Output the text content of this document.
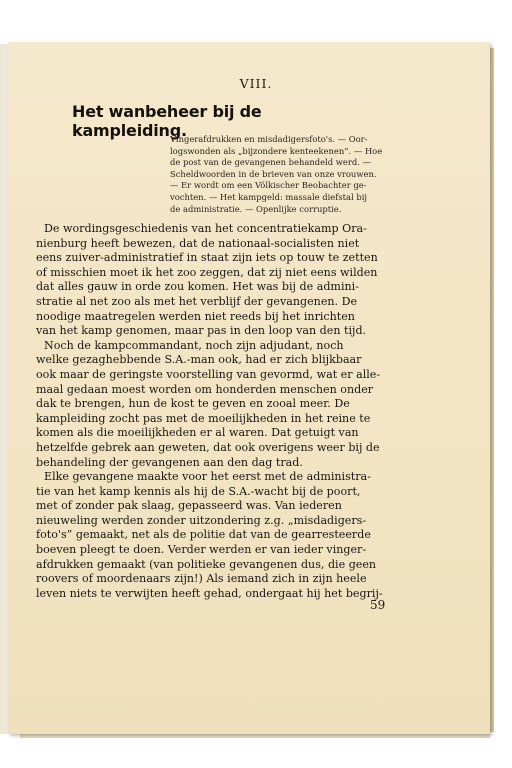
VIII.
Het wanbeheer bij de kampleiding.
Vingerafdrukken en misdadigersfoto's. — Oor-
logswonden als „bijzondere kenteekenen”. — Hoe
de post van de gevangenen behandeld werd. —
Scheldwoorden in de brieven van onze vrouwen.
— Er wordt om een Völkischer Beobachter ge-
vochten. — Het kampgeld: massale diefstal bij
de administratie. — Openlijke corruptie.
De wordingsgeschiedenis van het concentratiekamp Ora-
nienburg heeft bewezen, dat de nationaal-socialisten niet
eens zuiver-administratief in staat zijn iets op touw te zetten
of misschien moet ik het zoo zeggen, dat zij niet eens wilden
dat alles gauw in orde zou komen. Het was bij de admini-
stratie al net zoo als met het verblijf der gevangenen. De
noodige maatregelen werden niet reeds bij het inrichten
van het kamp genomen, maar pas in den loop van den tijd.
Noch de kampcommandant, noch zijn adjudant, noch
welke gezaghebbende S.A.-man ook, had er zich blijkbaar
ook maar de geringste voorstelling van gevormd, wat er alle-
maal gedaan moest worden om honderden menschen onder
dak te brengen, hun de kost te geven en zooal meer. De
kampleiding zocht pas met de moeilijkheden in het reine te
komen als die moeilijkheden er al waren. Dat getuigt van
hetzelfde gebrek aan geweten, dat ook overigens weer bij de
behandeling der gevangenen aan den dag trad.
Elke gevangene maakte voor het eerst met de administra-
tie van het kamp kennis als hij de S.A.-wacht bij de poort,
met of zonder pak slaag, gepasseerd was. Van iederen
nieuweling werden zonder uitzondering z.g. „misdadigers-
foto's” gemaakt, net als de politie dat van de gearresteerde
boeven pleegt te doen. Verder werden er van ieder vinger-
afdrukken gemaakt (van politieke gevangenen dus, die geen
roovers of moordenaars zijn!) Als iemand zich in zijn heele
leven niets te verwijten heeft gehad, ondergaat hij het begrij-
59
